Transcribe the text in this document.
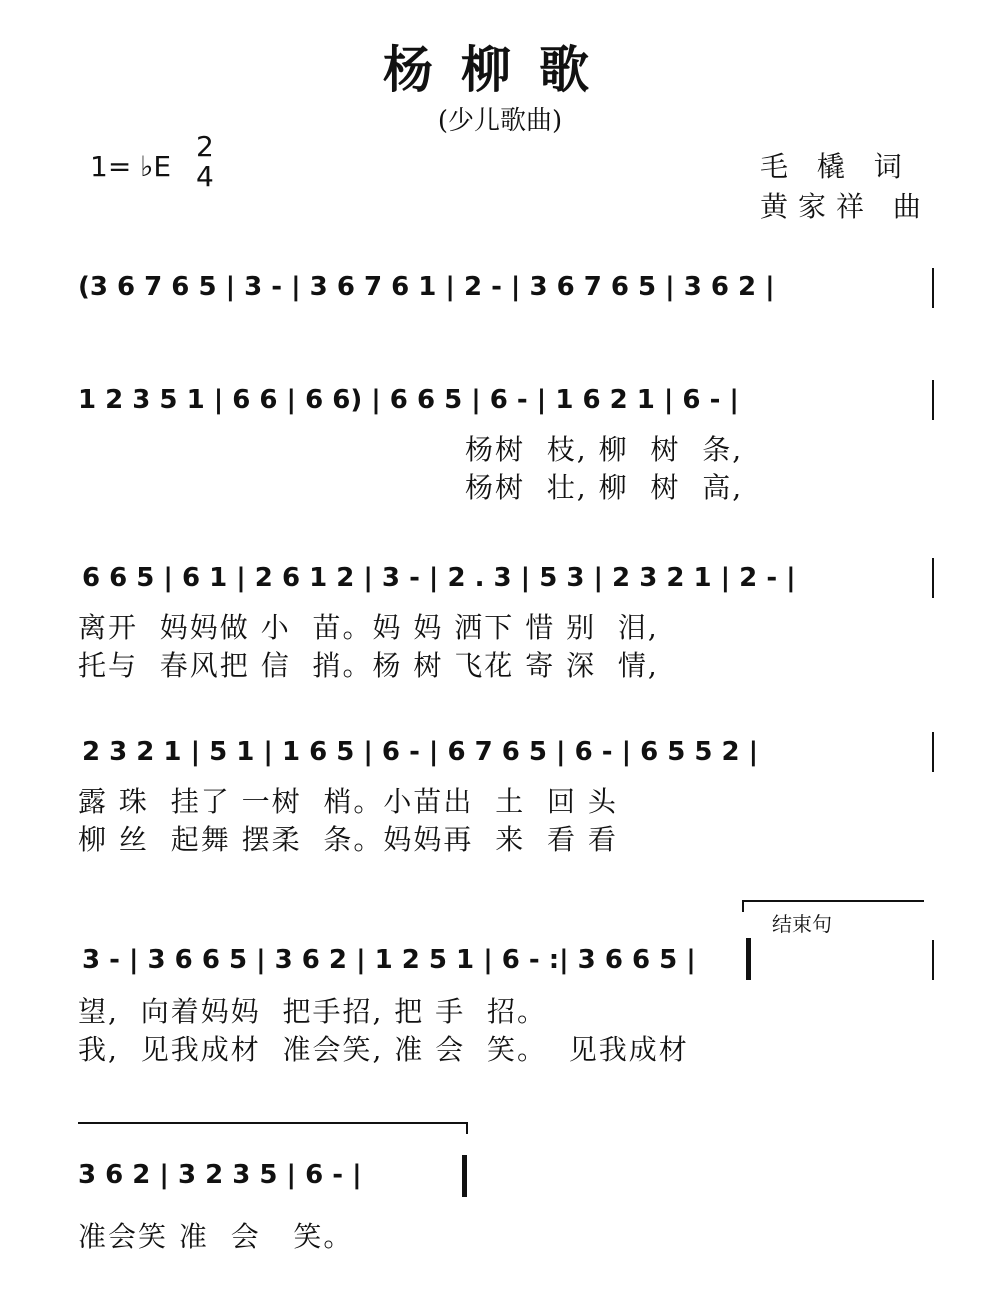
杨柳歌
(少儿歌曲)
1= ♭E
2
4	毛 橇 词
黄家祥 曲
(3 6 7 6 5 | 3 - | 3 6 7 6 1 | 2 - | 3 6 7 6 5 | 3 6 2 |
1 2 3 5 1 | 6 6 | 6 6) | 6 6 5 | 6 - | 1 6 2 1 | 6 - |
杨树  枝, 柳  树  条,
杨树  壮, 柳  树  高,
6 6 5 | 6 1 | 2 6 1 2 | 3 - | 2 . 3 | 5 3 | 2 3 2 1 | 2 - |
离开  妈妈做 小  苗。妈 妈 洒下 惜 别  泪,
托与  春风把 信  捎。杨 树 飞花 寄 深  情,
2 3 2 1 | 5 1 | 1 6 5 | 6 - | 6 7 6 5 | 6 - | 6 5 5 2 |
露 珠  挂了 一树  梢。小苗出  土  回 头
柳 丝  起舞 摆柔  条。妈妈再  来  看 看
结束句
3 - | 3 6 6 5 | 3 6 2 | 1 2 5 1 | 6 - :| 3 6 6 5 |
望,  向着妈妈  把手招, 把 手  招。
我,  见我成材  准会笑, 准 会  笑。  见我成材
3 6 2 | 3 2 3 5 | 6 - |
准会笑 准  会   笑。
